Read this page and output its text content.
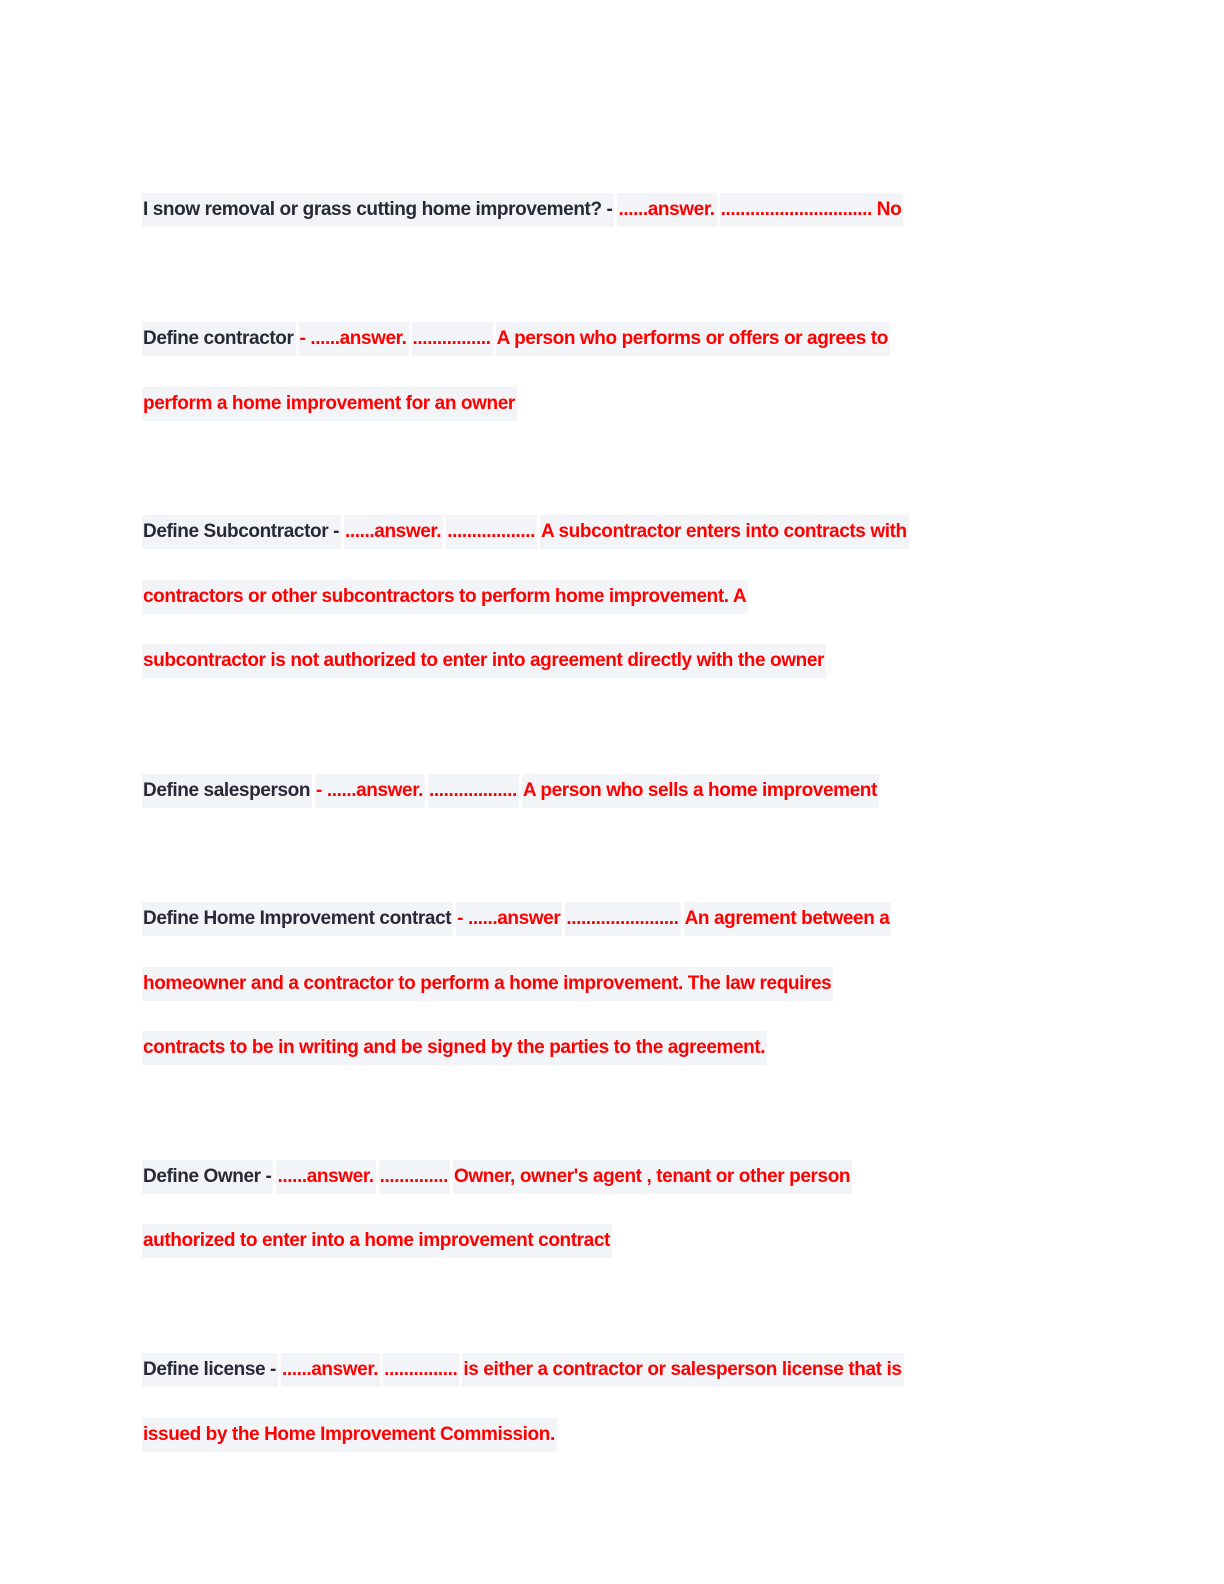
I snow removal or grass cutting home improvement? -......answer. ............................... No
Define contractor- ......answer. ................ A person who performs or offers or agrees to
perform a home improvement for an owner
Define Subcontractor -......answer. ..................A subcontractor enters into contracts with
contractors or other subcontractors to perform home improvement. A
subcontractor is not authorized to enter into agreement directly with the owner
Define salesperson- ......answer................... A person who sells a home improvement
Define Home Improvement contract- ......answer .......................An agrement between a
homeowner and a contractor to perform a home improvement. The law requires
contracts to be in writing and be signed by the parties to the agreement.
Define Owner -......answer............... Owner, owner's agent , tenant or other person
authorized to enter into a home improvement contract
Define license -......answer................is either a contractor or salesperson license that is
issued by the Home Improvement Commission.
